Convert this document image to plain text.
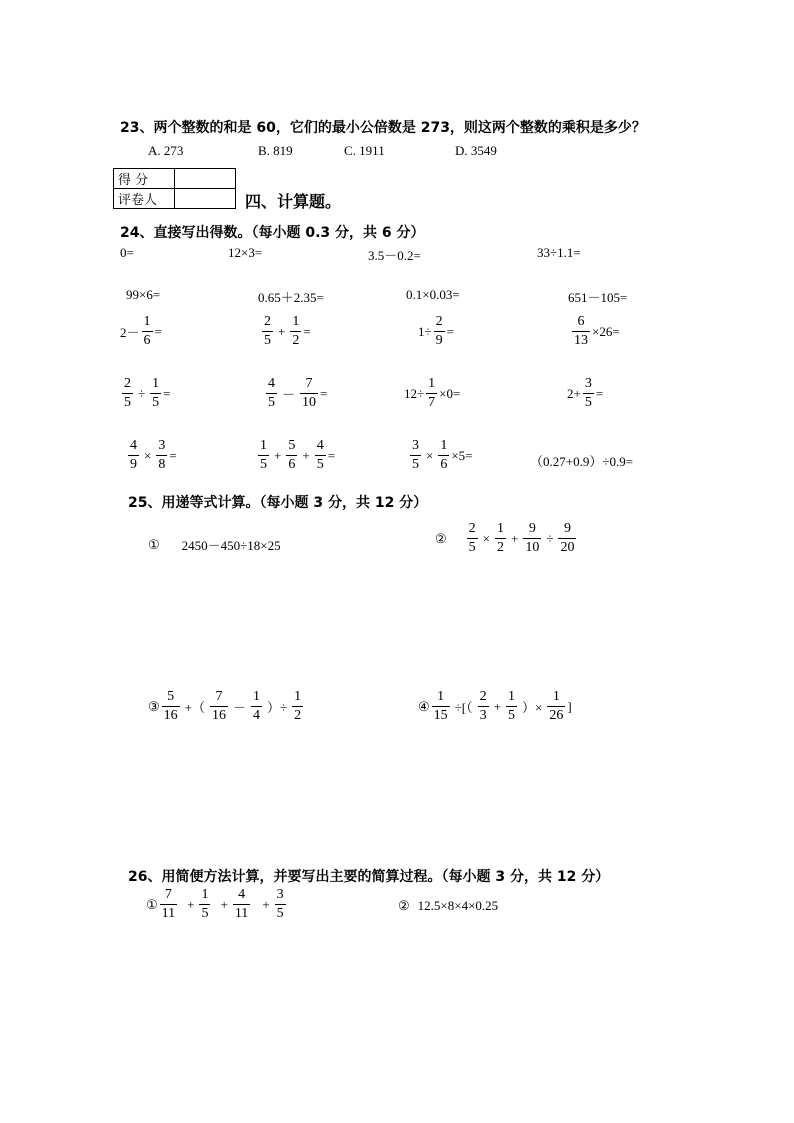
23、两个整数的和是 60，它们的最小公倍数是 273，则这两个整数的乘积是多少？
A. 273	B. 819	C. 1911	D. 3549
得 分	
评卷人		四、计算题。
24、直接写出得数。（每小题 0.3 分，共 6 分）
0=	12×3=	3.5－0.2=	33÷1.1=
99×6=	0.65＋2.35=	0.1×0.03=	651－105=
$2- \frac{1}{6}$ =	$\frac{2}{5} + \frac{1}{2}$ =	$1\div \frac{2}{9}$ =	$\frac{6}{13} \times 26=$
$\frac{2}{5} \div \frac{1}{5}$ =	$\frac{4}{5} - \frac{7}{10}$ =	$12\div \frac{1}{7} \times 0=$	$2+ \frac{3}{5}$ =
$\frac{4}{9} \times \frac{3}{8}$ =	$\frac{1}{5} + \frac{5}{6} + \frac{4}{5}$ =	$\frac{3}{5} \times \frac{1}{6} \times 5=$	（0.27+0.9）÷0.9=
25、用递等式计算。（每小题 3 分，共 12 分）
① 2450－450÷18×25	② $\frac{2}{5} \times \frac{1}{2} + \frac{9}{10} \div \frac{9}{20}$
③ $\frac{5}{16}$ +（ $\frac{7}{16} - \frac{1}{4}$ ）÷ $\frac{1}{2}$	④ $\frac{1}{15}$ ÷[（ $\frac{2}{3} + \frac{1}{5}$ ）× $\frac{1}{26}$ ]
26、用简便方法计算，并要写出主要的简算过程。（每小题 3 分，共 12 分）
① $\frac{7}{11} + \frac{1}{5} + \frac{4}{11} + \frac{3}{5}$	② 12.5×8×4×0.25
